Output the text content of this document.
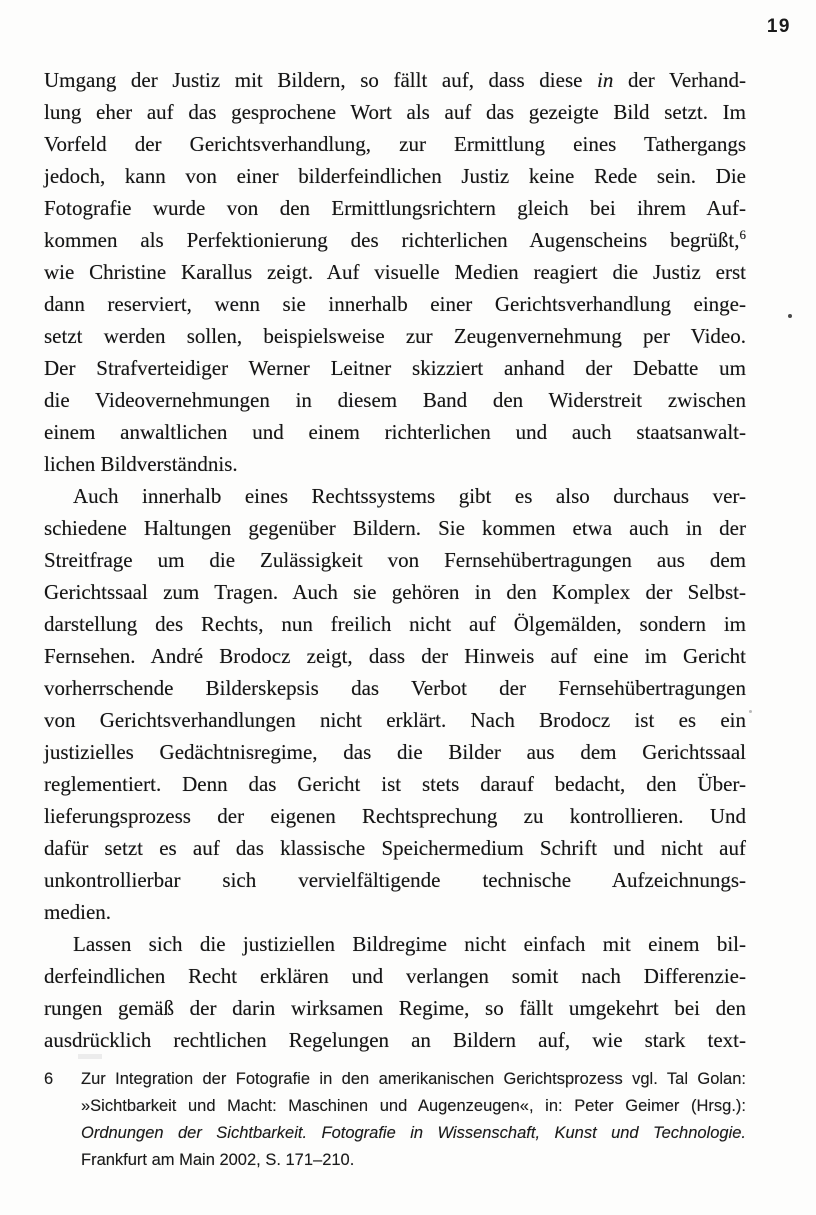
19
Umgang der Justiz mit Bildern, so fällt auf, dass diese in der Verhand-
lung eher auf das gesprochene Wort als auf das gezeigte Bild setzt. Im
Vorfeld der Gerichtsverhandlung, zur Ermittlung eines Tathergangs
jedoch, kann von einer bilderfeindlichen Justiz keine Rede sein. Die
Fotografie wurde von den Ermittlungsrichtern gleich bei ihrem Auf-
kommen als Perfektionierung des richterlichen Augenscheins begrüßt,$^6$
wie Christine Karallus zeigt. Auf visuelle Medien reagiert die Justiz erst
dann reserviert, wenn sie innerhalb einer Gerichtsverhandlung einge-
setzt werden sollen, beispielsweise zur Zeugenvernehmung per Video.
Der Strafverteidiger Werner Leitner skizziert anhand der Debatte um
die Videovernehmungen in diesem Band den Widerstreit zwischen
einem anwaltlichen und einem richterlichen und auch staatsanwalt-
lichen Bildverständnis.
Auch innerhalb eines Rechtssystems gibt es also durchaus ver-
schiedene Haltungen gegenüber Bildern. Sie kommen etwa auch in der
Streitfrage um die Zulässigkeit von Fernsehübertragungen aus dem
Gerichtssaal zum Tragen. Auch sie gehören in den Komplex der Selbst-
darstellung des Rechts, nun freilich nicht auf Ölgemälden, sondern im
Fernsehen. André Brodocz zeigt, dass der Hinweis auf eine im Gericht
vorherrschende Bilderskepsis das Verbot der Fernsehübertragungen
von Gerichtsverhandlungen nicht erklärt. Nach Brodocz ist es ein
justizielles Gedächtnisregime, das die Bilder aus dem Gerichtssaal
reglementiert. Denn das Gericht ist stets darauf bedacht, den Über-
lieferungsprozess der eigenen Rechtsprechung zu kontrollieren. Und
dafür setzt es auf das klassische Speichermedium Schrift und nicht auf
unkontrollierbar sich vervielfältigende technische Aufzeichnungs-
medien.
Lassen sich die justiziellen Bildregime nicht einfach mit einem bil-
derfeindlichen Recht erklären und verlangen somit nach Differenzie-
rungen gemäß der darin wirksamen Regime, so fällt umgekehrt bei den
ausdrücklich rechtlichen Regelungen an Bildern auf, wie stark text-
6 Zur Integration der Fotografie in den amerikanischen Gerichtsprozess vgl. Tal Golan:
»Sichtbarkeit und Macht: Maschinen und Augenzeugen«, in: Peter Geimer (Hrsg.):
Ordnungen der Sichtbarkeit. Fotografie in Wissenschaft, Kunst und Technologie.
Frankfurt am Main 2002, S. 171–210.
